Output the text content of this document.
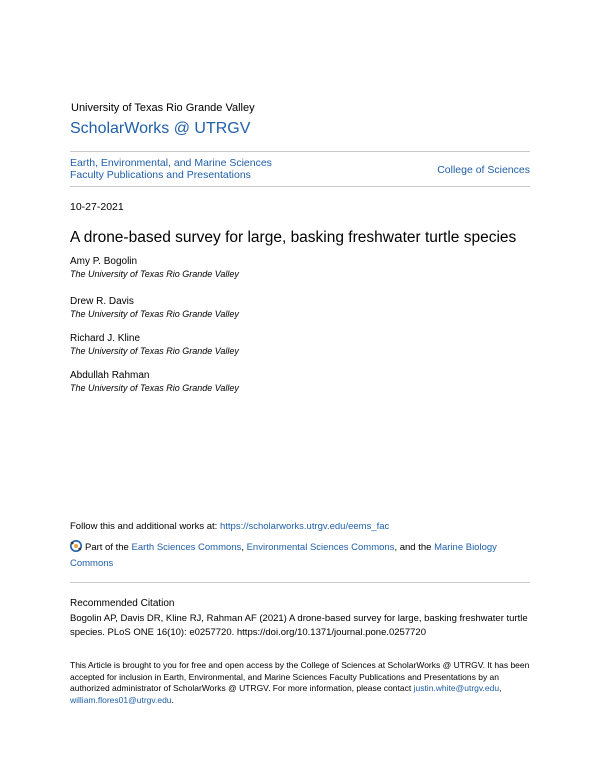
University of Texas Rio Grande Valley
ScholarWorks @ UTRGV
Earth, Environmental, and Marine Sciences
Faculty Publications and Presentations	College of Sciences
10-27-2021
A drone-based survey for large, basking freshwater turtle species
Amy P. Bogolin
The University of Texas Rio Grande Valley
Drew R. Davis
The University of Texas Rio Grande Valley
Richard J. Kline
The University of Texas Rio Grande Valley
Abdullah Rahman
The University of Texas Rio Grande Valley
Follow this and additional works at: https://scholarworks.utrgv.edu/eems_fac
Part of the Earth Sciences Commons, Environmental Sciences Commons, and the Marine Biology Commons
Recommended Citation
Bogolin AP, Davis DR, Kline RJ, Rahman AF (2021) A drone-based survey for large, basking freshwater turtle species. PLoS ONE 16(10): e0257720. https://doi.org/10.1371/journal.pone.0257720
This Article is brought to you for free and open access by the College of Sciences at ScholarWorks @ UTRGV. It has been accepted for inclusion in Earth, Environmental, and Marine Sciences Faculty Publications and Presentations by an authorized administrator of ScholarWorks @ UTRGV. For more information, please contact justin.white@utrgv.edu, william.flores01@utrgv.edu.
